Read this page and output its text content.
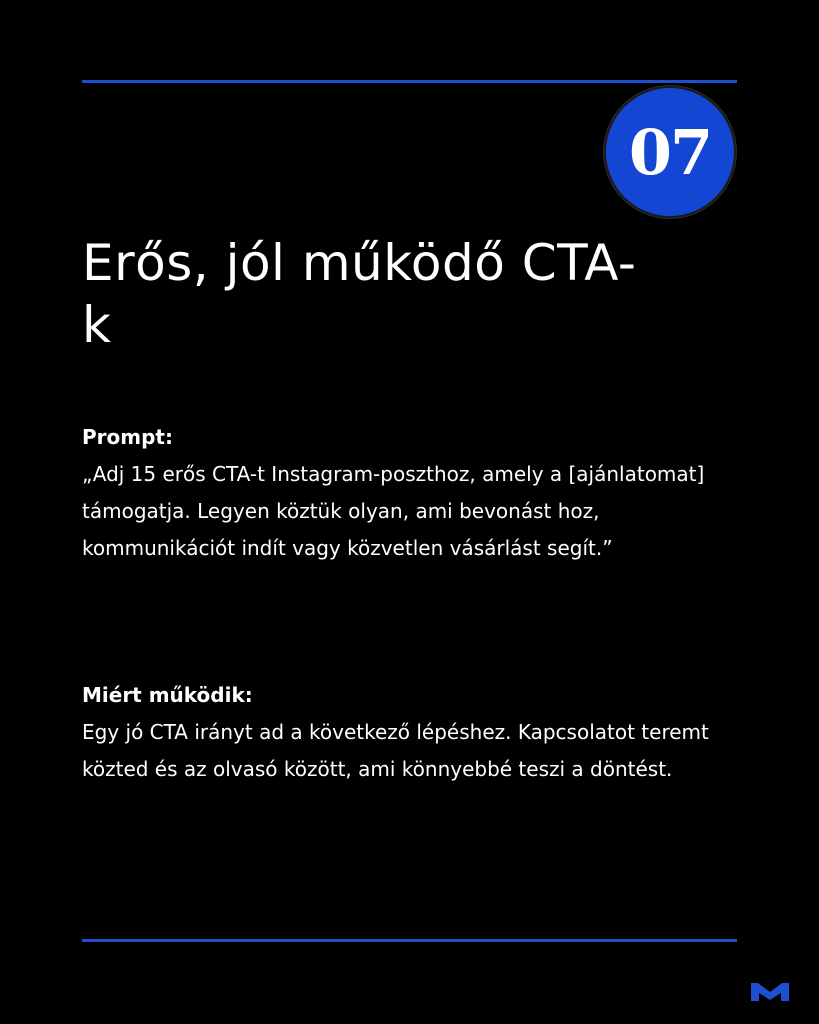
07
Erős, jól működő CTA-k
Prompt:
„Adj 15 erős CTA-t Instagram-poszthoz, amely a [ajánlatomat] támogatja. Legyen köztük olyan, ami bevonást hoz, kommunikációt indít vagy közvetlen vásárlást segít.”
Miért működik:
Egy jó CTA irányt ad a következő lépéshez. Kapcsolatot teremt közted és az olvasó között, ami könnyebbé teszi a döntést.
